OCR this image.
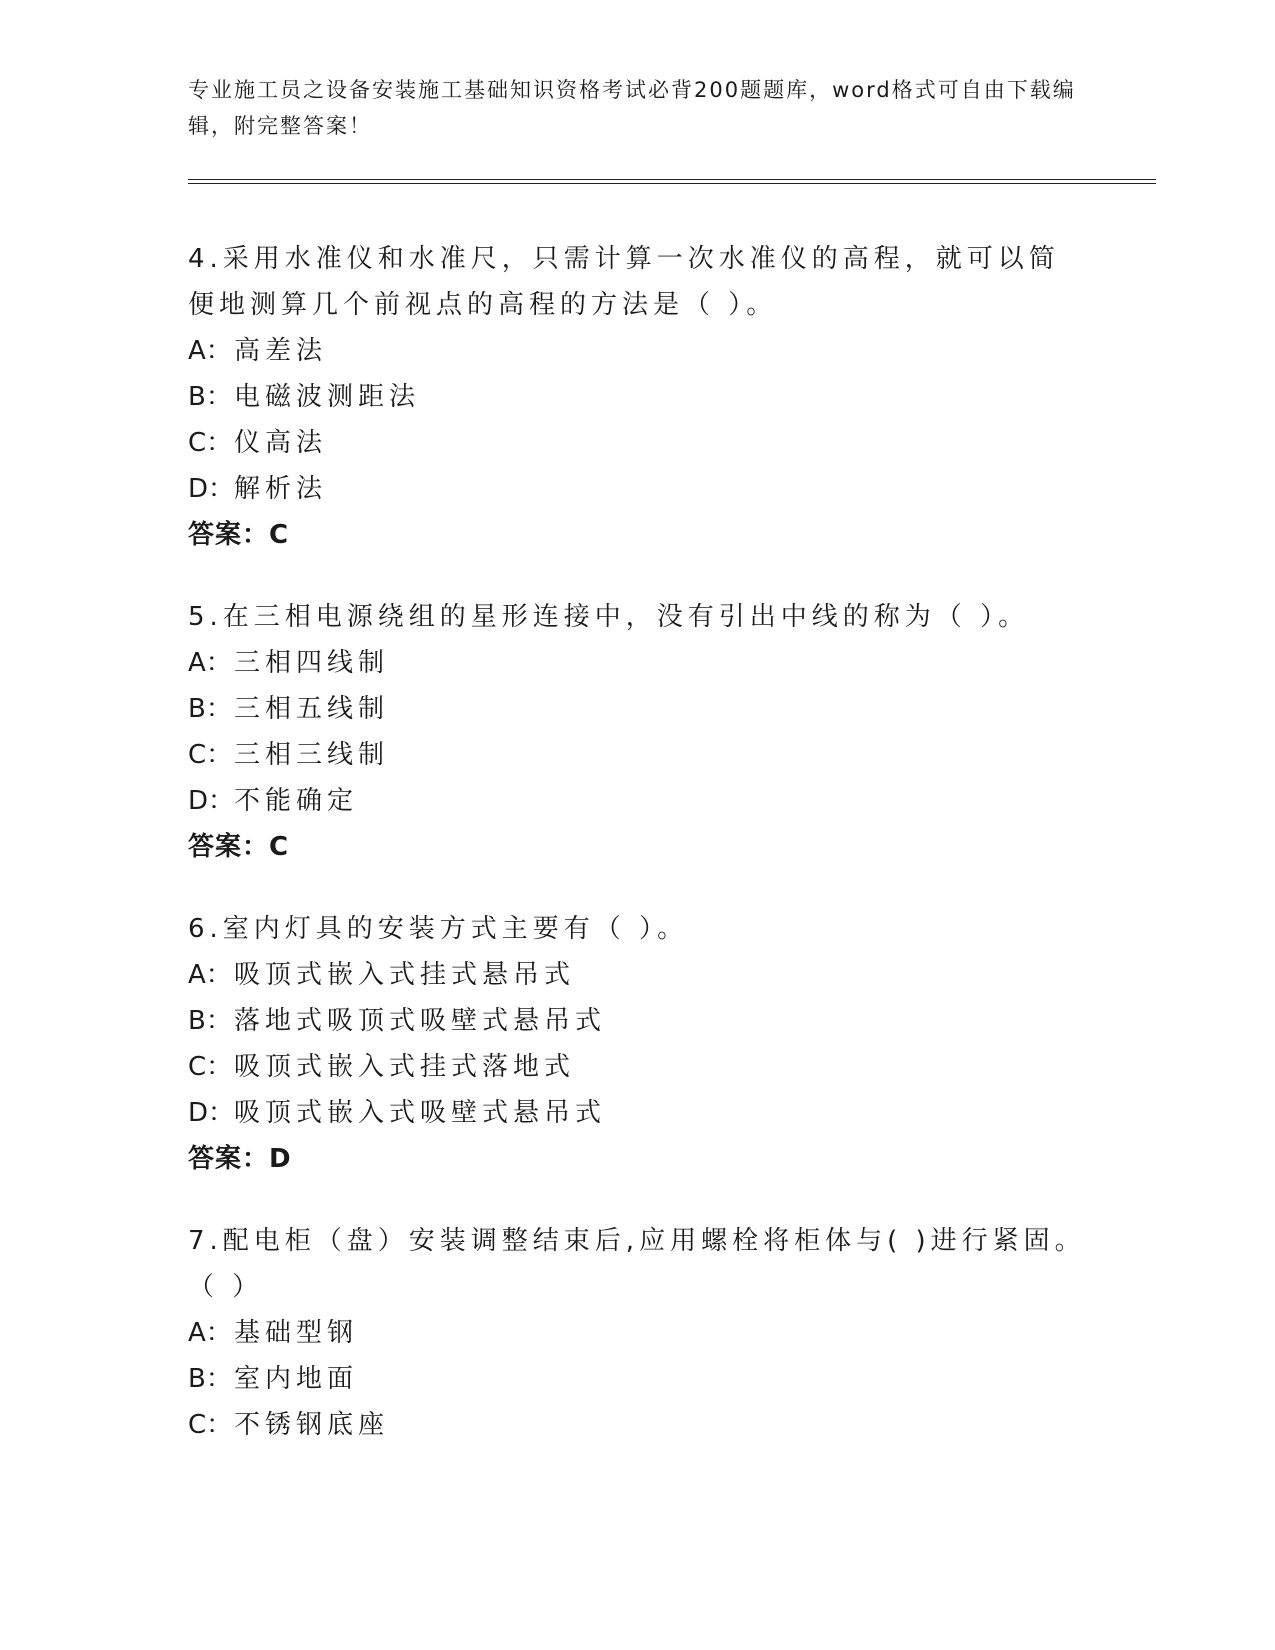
专业施工员之设备安装施工基础知识资格考试必背200题题库，word格式可自由下载编辑，附完整答案！

4.采用水准仪和水准尺，只需计算一次水准仪的高程，就可以简便地测算几个前视点的高程的方法是（ ）。

A：高差法

B：电磁波测距法

C：仪高法

D：解析法

答案：C

5.在三相电源绕组的星形连接中，没有引出中线的称为（ ）。

A：三相四线制

B：三相五线制

C：三相三线制

D：不能确定

答案：C

6.室内灯具的安装方式主要有（ ）。

A：吸顶式嵌入式挂式悬吊式

B：落地式吸顶式吸壁式悬吊式

C：吸顶式嵌入式挂式落地式

D：吸顶式嵌入式吸壁式悬吊式

答案：D

7.配电柜（盘）安装调整结束后,应用螺栓将柜体与( )进行紧固。（ ）

A：基础型钢

B：室内地面

C：不锈钢底座
